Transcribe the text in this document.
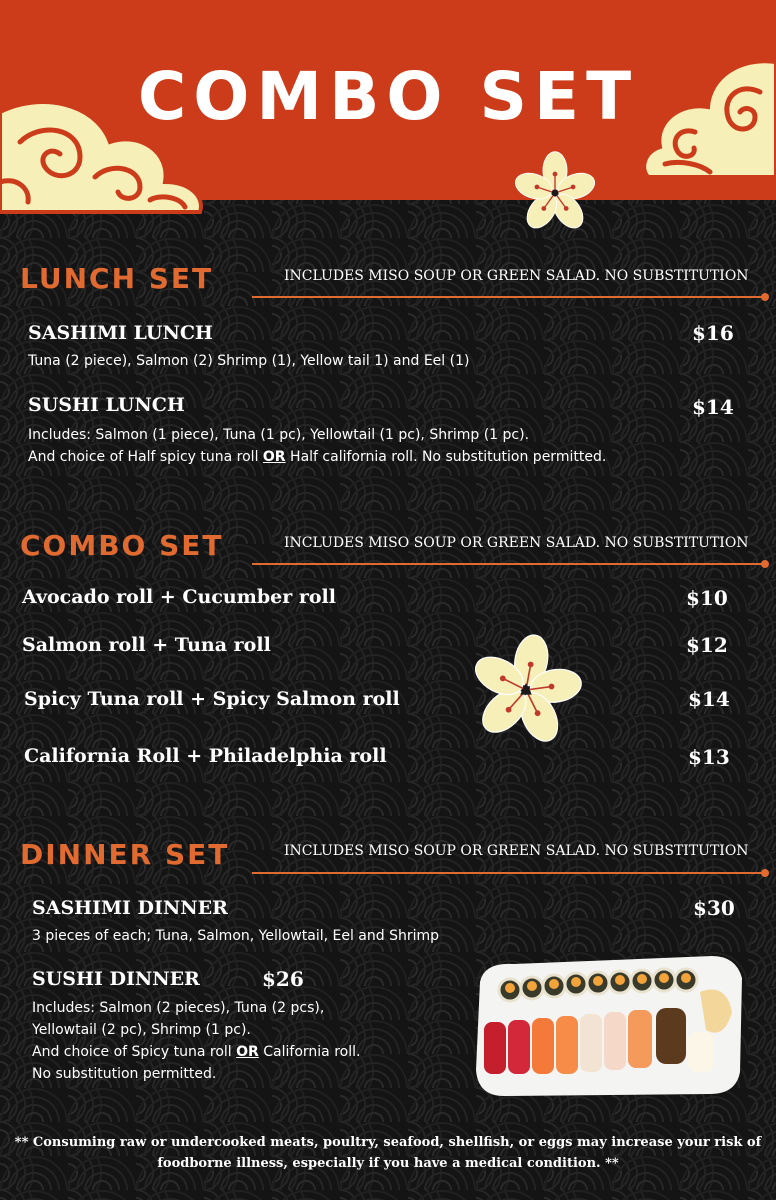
COMBO SET
LUNCH SET	INCLUDES MISO SOUP OR GREEN SALAD. NO SUBSTITUTION
SASHIMI LUNCH	$16
Tuna (2 piece), Salmon (2) Shrimp (1), Yellow tail 1) and Eel (1)
SUSHI LUNCH	$14
Includes: Salmon (1 piece), Tuna (1 pc), Yellowtail (1 pc), Shrimp (1 pc).
And choice of Half spicy tuna roll OR Half california roll. No substitution permitted.
COMBO SET	INCLUDES MISO SOUP OR GREEN SALAD. NO SUBSTITUTION
Avocado roll + Cucumber roll	$10
Salmon roll + Tuna roll	$12
Spicy Tuna roll + Spicy Salmon roll	$14
California Roll + Philadelphia roll	$13
DINNER SET	INCLUDES MISO SOUP OR GREEN SALAD. NO SUBSTITUTION
SASHIMI DINNER	$30
3 pieces of each; Tuna, Salmon, Yellowtail, Eel and Shrimp
SUSHI DINNER	$26
Includes: Salmon (2 pieces), Tuna (2 pcs),
Yellowtail (2 pc), Shrimp (1 pc).
And choice of Spicy tuna roll OR California roll.
No substitution permitted.
** Consuming raw or undercooked meats, poultry, seafood, shellfish, or eggs may increase your risk of
foodborne illness, especially if you have a medical condition. **
